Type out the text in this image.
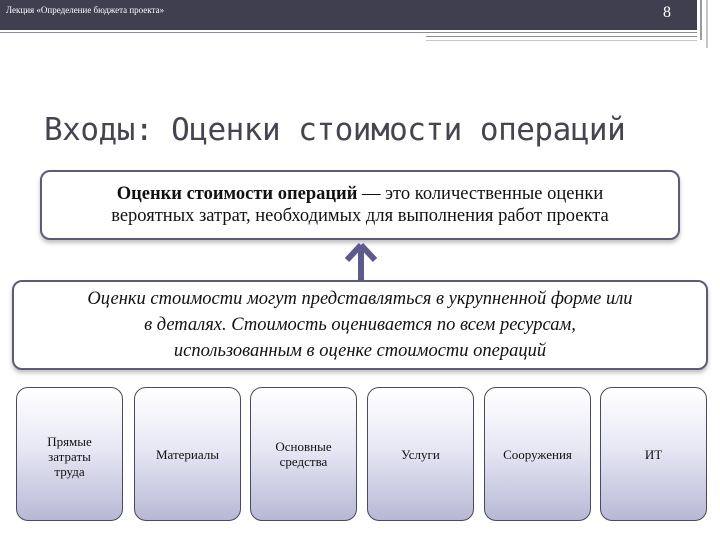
Лекция «Определение бюджета проекта»	8
Входы: Оценки стоимости операций
Оценки стоимости операций — это количественные оценки
вероятных затрат, необходимых для выполнения работ проекта
Оценки стоимости могут представляться в укрупненной форме или
в деталях. Стоимость оценивается по всем ресурсам,
использованным в оценке стоимости операций
Прямые затраты труда
Материалы	Основные средства	Услуги	Сооружения	ИТ
